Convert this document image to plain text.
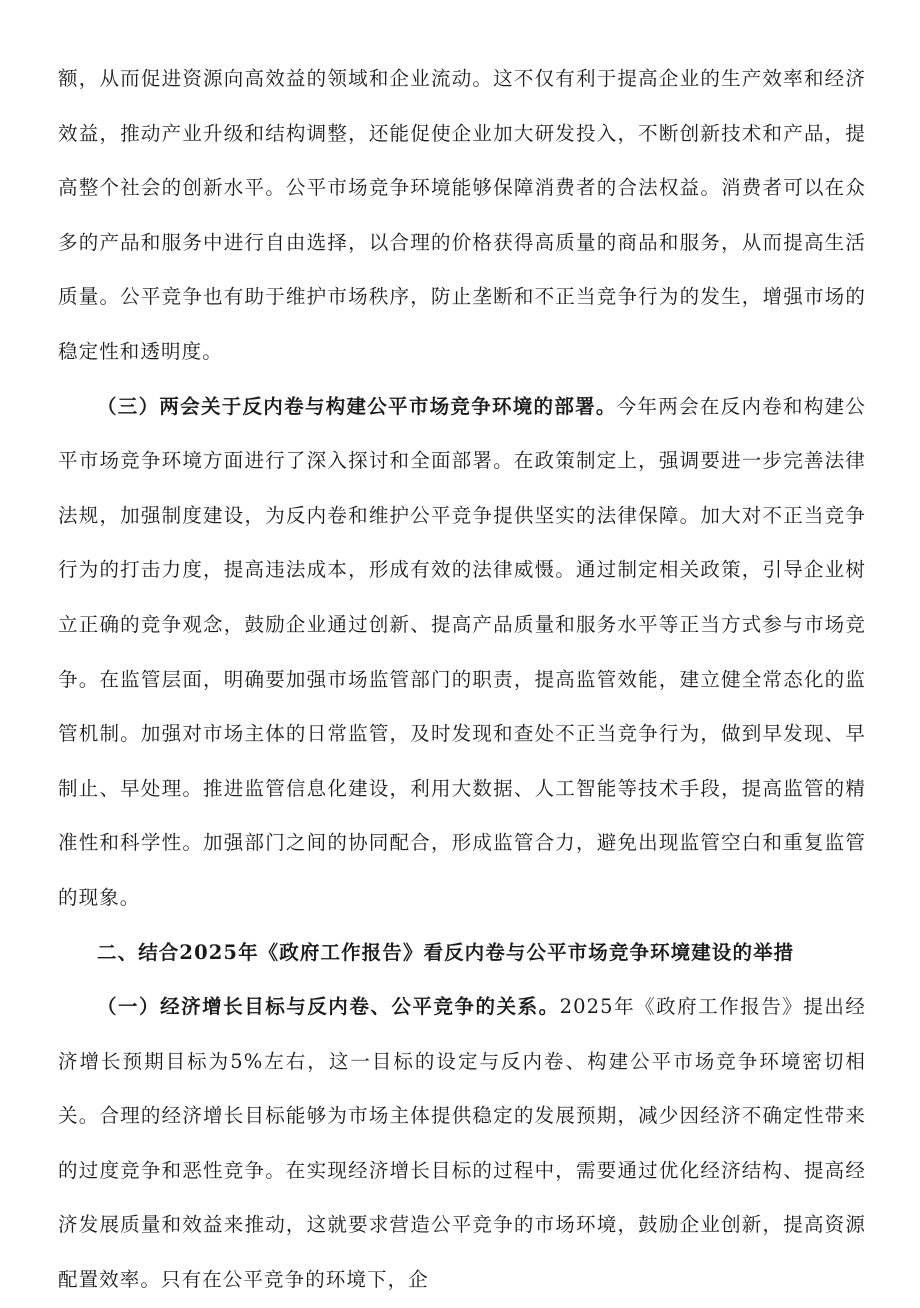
额，从而促进资源向高效益的领域和企业流动。这不仅有利于提高企业的生产效率和经济效益，推动产业升级和结构调整，还能促使企业加大研发投入，不断创新技术和产品，提高整个社会的创新水平。公平市场竞争环境能够保障消费者的合法权益。消费者可以在众多的产品和服务中进行自由选择，以合理的价格获得高质量的商品和服务，从而提高生活质量。公平竞争也有助于维护市场秩序，防止垄断和不正当竞争行为的发生，增强市场的稳定性和透明度。

（三）两会关于反内卷与构建公平市场竞争环境的部署。今年两会在反内卷和构建公平市场竞争环境方面进行了深入探讨和全面部署。在政策制定上，强调要进一步完善法律法规，加强制度建设，为反内卷和维护公平竞争提供坚实的法律保障。加大对不正当竞争行为的打击力度，提高违法成本，形成有效的法律威慑。通过制定相关政策，引导企业树立正确的竞争观念，鼓励企业通过创新、提高产品质量和服务水平等正当方式参与市场竞争。在监管层面，明确要加强市场监管部门的职责，提高监管效能，建立健全常态化的监管机制。加强对市场主体的日常监管，及时发现和查处不正当竞争行为，做到早发现、早制止、早处理。推进监管信息化建设，利用大数据、人工智能等技术手段，提高监管的精准性和科学性。加强部门之间的协同配合，形成监管合力，避免出现监管空白和重复监管的现象。

二、结合2025年《政府工作报告》看反内卷与公平市场竞争环境建设的举措

（一）经济增长目标与反内卷、公平竞争的关系。2025年《政府工作报告》提出经济增长预期目标为5%左右，这一目标的设定与反内卷、构建公平市场竞争环境密切相关。合理的经济增长目标能够为市场主体提供稳定的发展预期，减少因经济不确定性带来的过度竞争和恶性竞争。在实现经济增长目标的过程中，需要通过优化经济结构、提高经济发展质量和效益来推动，这就要求营造公平竞争的市场环境，鼓励企业创新，提高资源配置效率。只有在公平竞争的环境下，企
